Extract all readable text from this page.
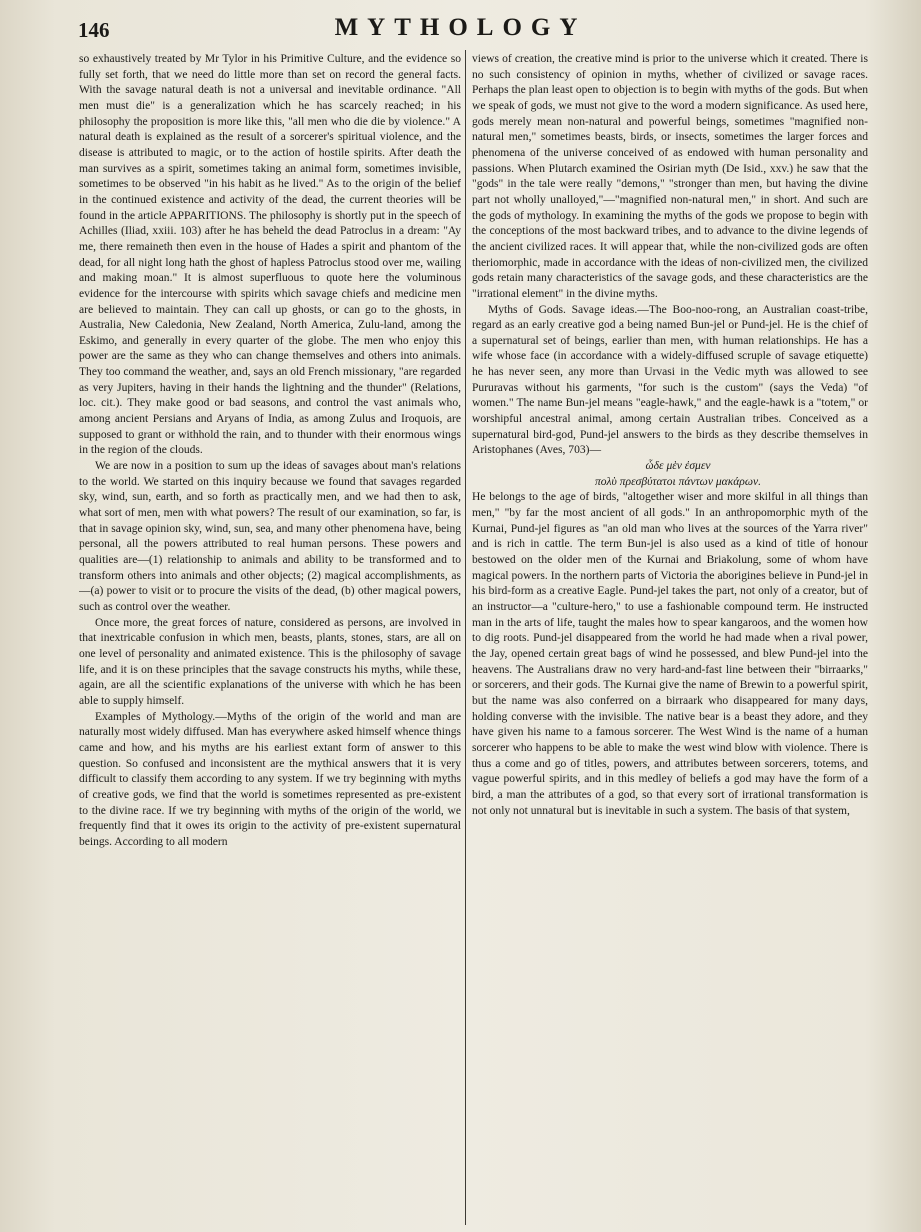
146	MYTHOLOGY

so exhaustively treated by Mr Tylor in his Primitive Culture, and the evidence so fully set forth, that we need do little more than set on record the general facts. With the savage natural death is not a universal and inevitable ordinance. "All men must die" is a generalization which he has scarcely reached; in his philosophy the proposition is more like this, "all men who die die by violence." A natural death is explained as the result of a sorcerer's spiritual violence, and the disease is attributed to magic, or to the action of hostile spirits. After death the man survives as a spirit, sometimes taking an animal form, sometimes invisible, sometimes to be observed "in his habit as he lived." As to the origin of the belief in the continued existence and activity of the dead, the current theories will be found in the article APPARITIONS. The philosophy is shortly put in the speech of Achilles (Iliad, xxiii. 103) after he has beheld the dead Patroclus in a dream: "Ay me, there remaineth then even in the house of Hades a spirit and phantom of the dead, for all night long hath the ghost of hapless Patroclus stood over me, wailing and making moan." It is almost superfluous to quote here the voluminous evidence for the intercourse with spirits which savage chiefs and medicine men are believed to maintain. They can call up ghosts, or can go to the ghosts, in Australia, New Caledonia, New Zealand, North America, Zulu-land, among the Eskimo, and generally in every quarter of the globe. The men who enjoy this power are the same as they who can change themselves and others into animals. They too command the weather, and, says an old French missionary, "are regarded as very Jupiters, having in their hands the lightning and the thunder" (Relations, loc. cit.). They make good or bad seasons, and control the vast animals who, among ancient Persians and Aryans of India, as among Zulus and Iroquois, are supposed to grant or withhold the rain, and to thunder with their enormous wings in the region of the clouds.

We are now in a position to sum up the ideas of savages about man's relations to the world. We started on this inquiry because we found that savages regarded sky, wind, sun, earth, and so forth as practically men, and we had then to ask, what sort of men, men with what powers? The result of our examination, so far, is that in savage opinion sky, wind, sun, sea, and many other phenomena have, being personal, all the powers attributed to real human persons. These powers and qualities are—(1) relationship to animals and ability to be transformed and to transform others into animals and other objects; (2) magical accomplishments, as—(a) power to visit or to procure the visits of the dead, (b) other magical powers, such as control over the weather.

Once more, the great forces of nature, considered as persons, are involved in that inextricable confusion in which men, beasts, plants, stones, stars, are all on one level of personality and animated existence. This is the philosophy of savage life, and it is on these principles that the savage constructs his myths, while these, again, are all the scientific explanations of the universe with which he has been able to supply himself.

Examples of Mythology.—Myths of the origin of the world and man are naturally most widely diffused. Man has everywhere asked himself whence things came and how, and his myths are his earliest extant form of answer to this question. So confused and inconsistent are the mythical answers that it is very difficult to classify them according to any system. If we try beginning with myths of creative gods, we find that the world is sometimes represented as pre-existent to the divine race. If we try beginning with myths of the origin of the world, we frequently find that it owes its origin to the activity of pre-existent supernatural beings. According to all modern

views of creation, the creative mind is prior to the universe which it created. There is no such consistency of opinion in myths, whether of civilized or savage races. Perhaps the plan least open to objection is to begin with myths of the gods. But when we speak of gods, we must not give to the word a modern significance. As used here, gods merely mean non-natural and powerful beings, sometimes "magnified non-natural men," sometimes beasts, birds, or insects, sometimes the larger forces and phenomena of the universe conceived of as endowed with human personality and passions. When Plutarch examined the Osirian myth (De Isid., xxv.) he saw that the "gods" in the tale were really "demons," "stronger than men, but having the divine part not wholly unalloyed,"—"magnified non-natural men," in short. And such are the gods of mythology. In examining the myths of the gods we propose to begin with the conceptions of the most backward tribes, and to advance to the divine legends of the ancient civilized races. It will appear that, while the non-civilized gods are often theriomorphic, made in accordance with the ideas of non-civilized men, the civilized gods retain many characteristics of the savage gods, and these characteristics are the "irrational element" in the divine myths.

Myths of Gods. Savage ideas.—The Boo-noo-rong, an Australian coast-tribe, regard as an early creative god a being named Bun-jel or Pund-jel. He is the chief of a supernatural set of beings, earlier than men, with human relationships. He has a wife whose face (in accordance with a widely-diffused scruple of savage etiquette) he has never seen, any more than Urvasi in the Vedic myth was allowed to see Pururavas without his garments, "for such is the custom" (says the Veda) "of women." The name Bun-jel means "eagle-hawk," and the eagle-hawk is a "totem," or worshipful ancestral animal, among certain Australian tribes. Conceived as a supernatural bird-god, Pund-jel answers to the birds as they describe themselves in Aristophanes (Aves, 703)—

ὧδε μὲν ἐσμεν

πολὺ πρεσβύτατοι πάντων μακάρων.

He belongs to the age of birds, "altogether wiser and more skilful in all things than men," "by far the most ancient of all gods." In an anthropomorphic myth of the Kurnai, Pund-jel figures as "an old man who lives at the sources of the Yarra river" and is rich in cattle. The term Bun-jel is also used as a kind of title of honour bestowed on the older men of the Kurnai and Briakolung, some of whom have magical powers. In the northern parts of Victoria the aborigines believe in Pund-jel in his bird-form as a creative Eagle. Pund-jel takes the part, not only of a creator, but of an instructor—a "culture-hero," to use a fashionable compound term. He instructed man in the arts of life, taught the males how to spear kangaroos, and the women how to dig roots. Pund-jel disappeared from the world he had made when a rival power, the Jay, opened certain great bags of wind he possessed, and blew Pund-jel into the heavens. The Australians draw no very hard-and-fast line between their "birraarks," or sorcerers, and their gods. The Kurnai give the name of Brewin to a powerful spirit, but the name was also conferred on a birraark who disappeared for many days, holding converse with the invisible. The native bear is a beast they adore, and they have given his name to a famous sorcerer. The West Wind is the name of a human sorcerer who happens to be able to make the west wind blow with violence. There is thus a come and go of titles, powers, and attributes between sorcerers, totems, and vague powerful spirits, and in this medley of beliefs a god may have the form of a bird, a man the attributes of a god, so that every sort of irrational transformation is not only not unnatural but is inevitable in such a system. The basis of that system,
